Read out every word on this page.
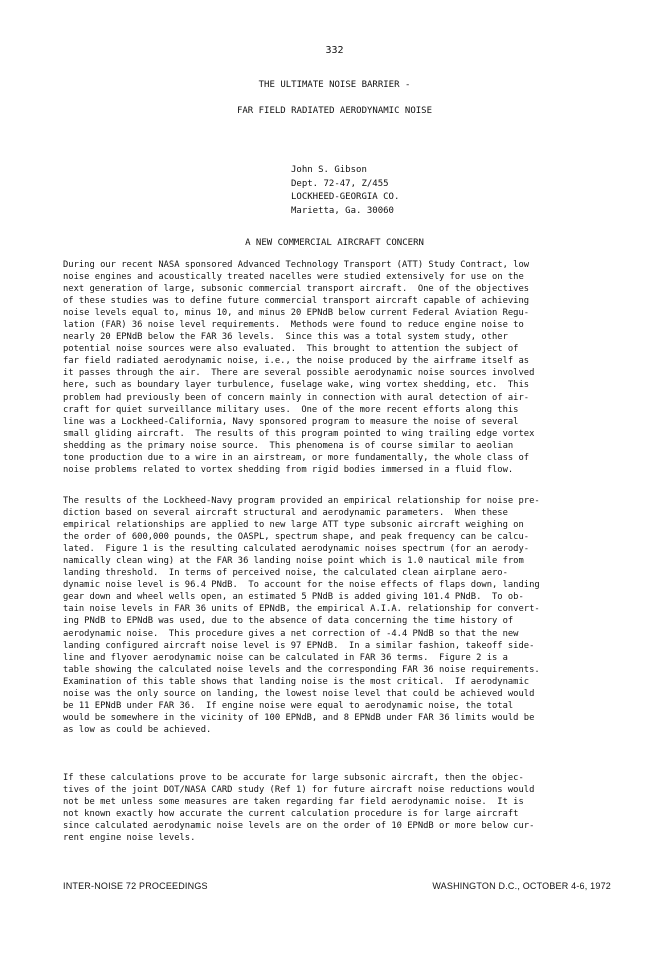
332
THE ULTIMATE NOISE BARRIER -
FAR FIELD RADIATED AERODYNAMIC NOISE
John S. Gibson
Dept. 72-47, Z/455
LOCKHEED-GEORGIA CO.
Marietta, Ga. 30060
A NEW COMMERCIAL AIRCRAFT CONCERN
During our recent NASA sponsored Advanced Technology Transport (ATT) Study Contract, low
noise engines and acoustically treated nacelles were studied extensively for use on the
next generation of large, subsonic commercial transport aircraft.  One of the objectives
of these studies was to define future commercial transport aircraft capable of achieving
noise levels equal to, minus 10, and minus 20 EPNdB below current Federal Aviation Regu-
lation (FAR) 36 noise level requirements.  Methods were found to reduce engine noise to
nearly 20 EPNdB below the FAR 36 levels.  Since this was a total system study, other
potential noise sources were also evaluated.  This brought to attention the subject of
far field radiated aerodynamic noise, i.e., the noise produced by the airframe itself as
it passes through the air.  There are several possible aerodynamic noise sources involved
here, such as boundary layer turbulence, fuselage wake, wing vortex shedding, etc.  This
problem had previously been of concern mainly in connection with aural detection of air-
craft for quiet surveillance military uses.  One of the more recent efforts along this
line was a Lockheed-California, Navy sponsored program to measure the noise of several
small gliding aircraft.  The results of this program pointed to wing trailing edge vortex
shedding as the primary noise source.  This phenomena is of course similar to aeolian
tone production due to a wire in an airstream, or more fundamentally, the whole class of
noise problems related to vortex shedding from rigid bodies immersed in a fluid flow.
The results of the Lockheed-Navy program provided an empirical relationship for noise pre-
diction based on several aircraft structural and aerodynamic parameters.  When these
empirical relationships are applied to new large ATT type subsonic aircraft weighing on
the order of 600,000 pounds, the OASPL, spectrum shape, and peak frequency can be calcu-
lated.  Figure 1 is the resulting calculated aerodynamic noises spectrum (for an aerody-
namically clean wing) at the FAR 36 landing noise point which is 1.0 nautical mile from
landing threshold.  In terms of perceived noise, the calculated clean airplane aero-
dynamic noise level is 96.4 PNdB.  To account for the noise effects of flaps down, landing
gear down and wheel wells open, an estimated 5 PNdB is added giving 101.4 PNdB.  To ob-
tain noise levels in FAR 36 units of EPNdB, the empirical A.I.A. relationship for convert-
ing PNdB to EPNdB was used, due to the absence of data concerning the time history of
aerodynamic noise.  This procedure gives a net correction of -4.4 PNdB so that the new
landing configured aircraft noise level is 97 EPNdB.  In a similar fashion, takeoff side-
line and flyover aerodynamic noise can be calculated in FAR 36 terms.  Figure 2 is a
table showing the calculated noise levels and the corresponding FAR 36 noise requirements.
Examination of this table shows that landing noise is the most critical.  If aerodynamic
noise was the only source on landing, the lowest noise level that could be achieved would
be 11 EPNdB under FAR 36.  If engine noise were equal to aerodynamic noise, the total
would be somewhere in the vicinity of 100 EPNdB, and 8 EPNdB under FAR 36 limits would be
as low as could be achieved.
If these calculations prove to be accurate for large subsonic aircraft, then the objec-
tives of the joint DOT/NASA CARD study (Ref 1) for future aircraft noise reductions would
not be met unless some measures are taken regarding far field aerodynamic noise.  It is
not known exactly how accurate the current calculation procedure is for large aircraft
since calculated aerodynamic noise levels are on the order of 10 EPNdB or more below cur-
rent engine noise levels.
INTER-NOISE 72 PROCEEDINGS	WASHINGTON D.C., OCTOBER 4-6, 1972
